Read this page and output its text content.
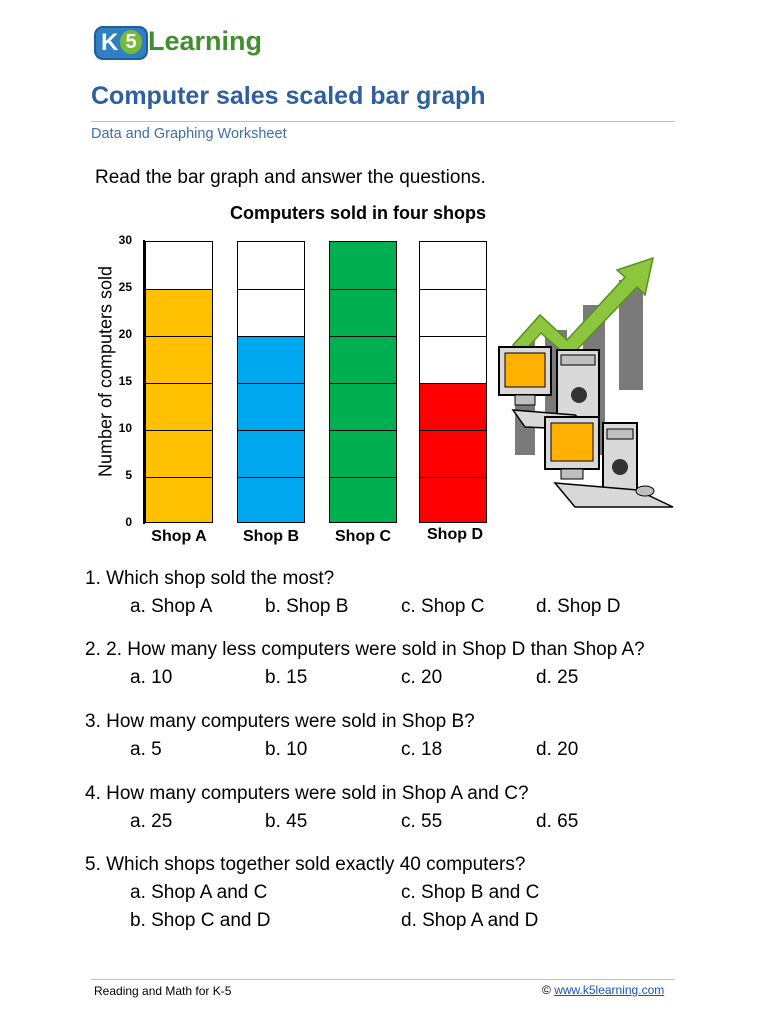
K 5 Learning
Computer sales scaled bar graph
Data and Graphing Worksheet
Read the bar graph and answer the questions.
Computers sold in four shops
Number of computers sold
0
5
10
15
20
25
30
Shop A	Shop B	Shop C	Shop D
1. Which shop sold the most?
a. Shop A	b. Shop B	c. Shop C	d. Shop D
2. 2. How many less computers were sold in Shop D than Shop A?
a. 10	b. 15	c. 20	d. 25
3. How many computers were sold in Shop B?
a. 5	b. 10	c. 18	d. 20
4. How many computers were sold in Shop A and C?
a. 25	b. 45	c. 55	d. 65
5. Which shops together sold exactly 40 computers?
a. Shop A and C	c. Shop B and C
b. Shop C and D	d. Shop A and D
Reading and Math for K-5	© www.k5learning.com
